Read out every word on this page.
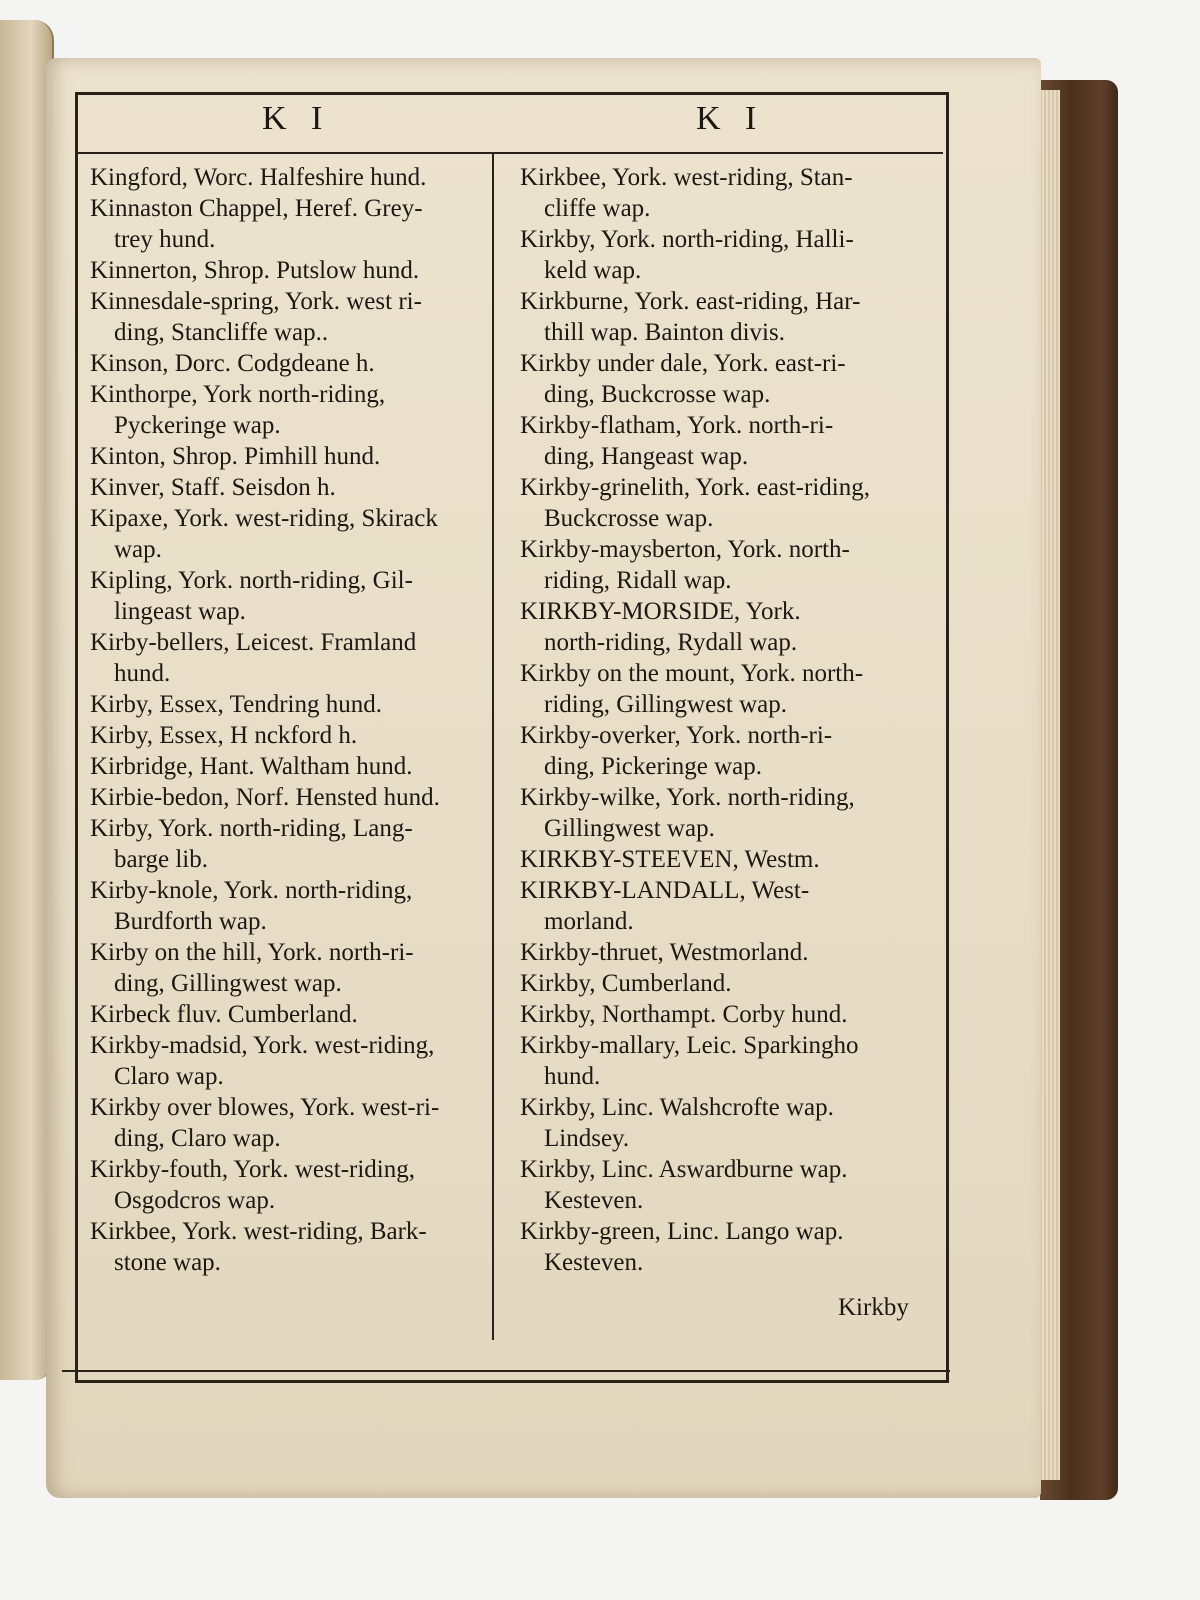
K I	K I
Kingford, Worc. Halfeshire hund.
Kinnaston Chappel, Heref. Grey-
trey hund.
Kinnerton, Shrop. Putslow hund.
Kinnesdale-spring, York. west ri-
ding, Stancliffe wap..
Kinson, Dorc. Codgdeane h.
Kinthorpe, York north-riding,
Pyckeringe wap.
Kinton, Shrop. Pimhill hund.
Kinver, Staff. Seisdon h.
Kipaxe, York. west-riding, Skirack
wap.
Kipling, York. north-riding, Gil-
lingeast wap.
Kirby-bellers, Leicest. Framland
hund.
Kirby, Essex, Tendring hund.
Kirby, Essex, H nckford h.
Kirbridge, Hant. Waltham hund.
Kirbie-bedon, Norf. Hensted hund.
Kirby, York. north-riding, Lang-
barge lib.
Kirby-knole, York. north-riding,
Burdforth wap.
Kirby on the hill, York. north-ri-
ding, Gillingwest wap.
Kirbeck fluv. Cumberland.
Kirkby-madsid, York. west-riding,
Claro wap.
Kirkby over blowes, York. west-ri-
ding, Claro wap.
Kirkby-fouth, York. west-riding,
Osgodcros wap.
Kirkbee, York. west-riding, Bark-
stone wap.
Kirkbee, York. west-riding, Stan-
cliffe wap.
Kirkby, York. north-riding, Halli-
keld wap.
Kirkburne, York. east-riding, Har-
thill wap. Bainton divis.
Kirkby under dale, York. east-ri-
ding, Buckcrosse wap.
Kirkby-flatham, York. north-ri-
ding, Hangeast wap.
Kirkby-grinelith, York. east-riding,
Buckcrosse wap.
Kirkby-maysberton, York. north-
riding, Ridall wap.
KIRKBY-MORSIDE, York.
north-riding, Rydall wap.
Kirkby on the mount, York. north-
riding, Gillingwest wap.
Kirkby-overker, York. north-ri-
ding, Pickeringe wap.
Kirkby-wilke, York. north-riding,
Gillingwest wap.
KIRKBY-STEEVEN, Westm.
KIRKBY-LANDALL, West-
morland.
Kirkby-thruet, Westmorland.
Kirkby, Cumberland.
Kirkby, Northampt. Corby hund.
Kirkby-mallary, Leic. Sparkingho
hund.
Kirkby, Linc. Walshcrofte wap.
Lindsey.
Kirkby, Linc. Aswardburne wap.
Kesteven.
Kirkby-green, Linc. Lango wap.
Kesteven.
Kirkby
